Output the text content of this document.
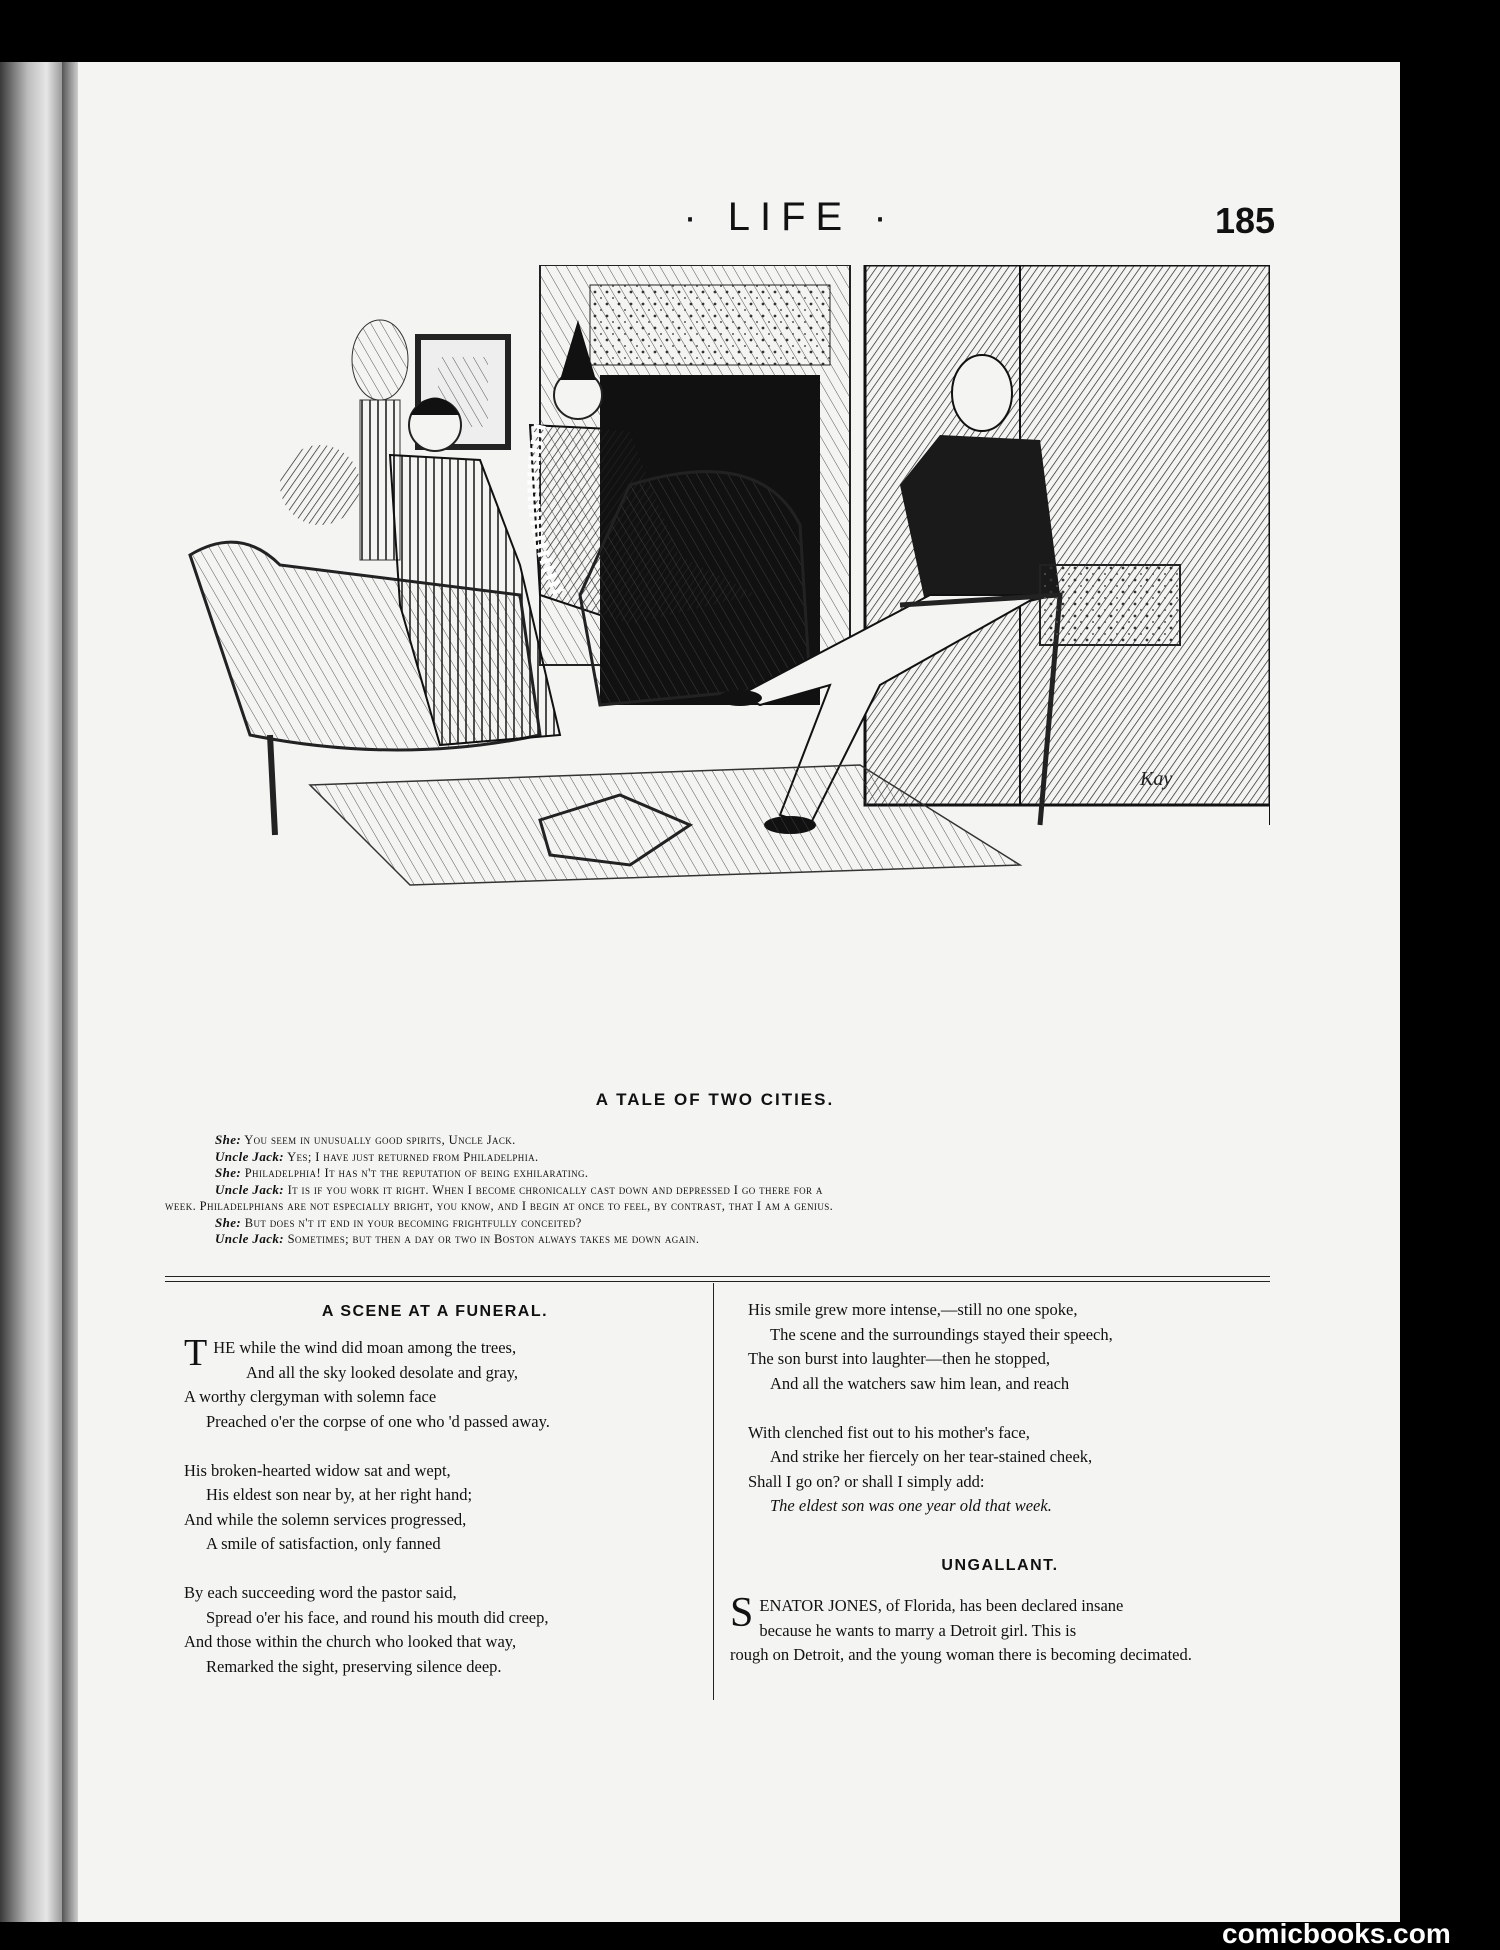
· LIFE ·	185
Kay
A TALE OF TWO CITIES.
She: You seem in unusually good spirits, Uncle Jack.
Uncle Jack: Yes; I have just returned from Philadelphia.
She: Philadelphia! It has n't the reputation of being exhilarating.
Uncle Jack: It is if you work it right. When I become chronically cast down and depressed I go there for a
week. Philadelphians are not especially bright, you know, and I begin at once to feel, by contrast, that I am a genius.
She: But does n't it end in your becoming frightfully conceited?
Uncle Jack: Sometimes; but then a day or two in Boston always takes me down again.
A SCENE AT A FUNERAL.
THE while the wind did moan among the trees,
And all the sky looked desolate and gray,
A worthy clergyman with solemn face
Preached o'er the corpse of one who 'd passed away.
His broken-hearted widow sat and wept,
His eldest son near by, at her right hand;
And while the solemn services progressed,
A smile of satisfaction, only fanned
By each succeeding word the pastor said,
Spread o'er his face, and round his mouth did creep,
And those within the church who looked that way,
Remarked the sight, preserving silence deep.
His smile grew more intense,—still no one spoke,
The scene and the surroundings stayed their speech,
The son burst into laughter—then he stopped,
And all the watchers saw him lean, and reach
With clenched fist out to his mother's face,
And strike her fiercely on her tear-stained cheek,
Shall I go on? or shall I simply add:
The eldest son was one year old that week.
UNGALLANT.
SENATOR JONES, of Florida, has been declared insane
because he wants to marry a Detroit girl. This is
rough on Detroit, and the young woman there is becoming decimated.
comicbooks.com
